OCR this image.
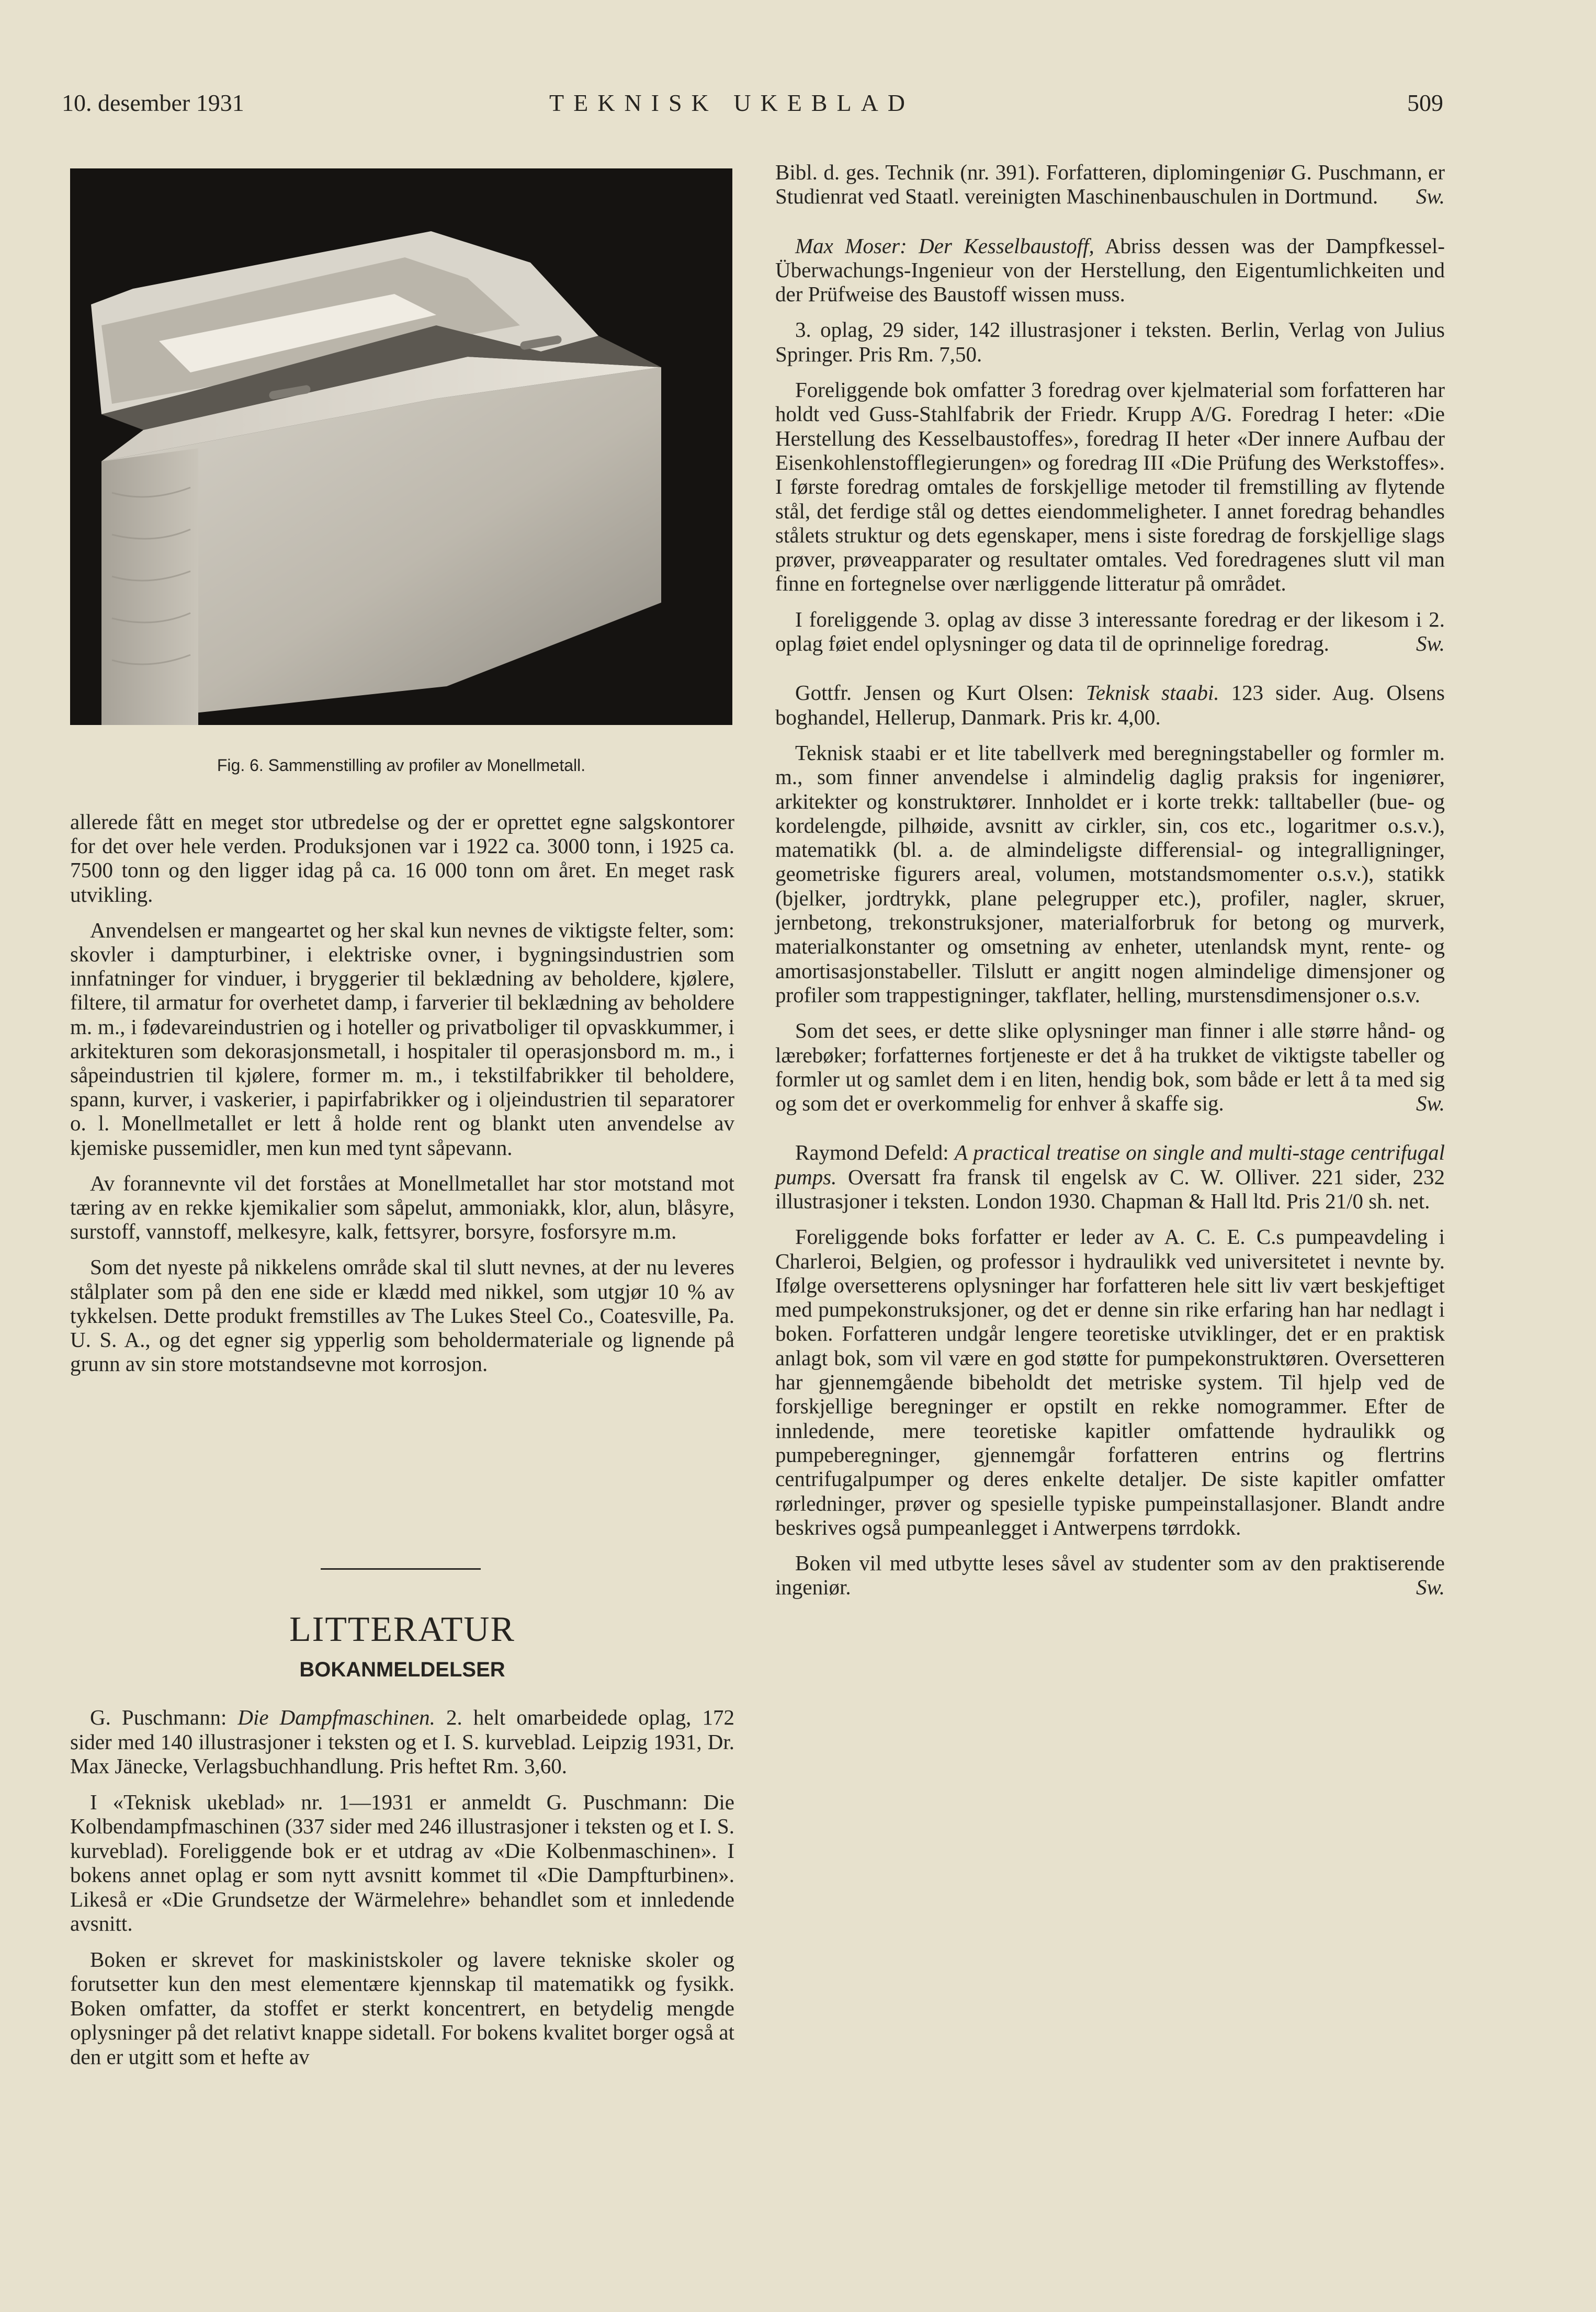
10. desember 1931	TEKNISK UKEBLAD	509
Fig. 6. Sammenstilling av profiler av Monellmetall.

allerede fått en meget stor utbredelse og der er oprettet egne salgskontorer for det over hele verden. Produksjonen var i 1922 ca. 3000 tonn, i 1925 ca. 7500 tonn og den ligger idag på ca. 16 000 tonn om året. En meget rask utvikling.

Anvendelsen er mangeartet og her skal kun nevnes de viktigste felter, som: skovler i dampturbiner, i elektriske ovner, i bygningsindustrien som innfatninger for vinduer, i bryggerier til beklædning av beholdere, kjølere, filtere, til armatur for overhetet damp, i farverier til beklædning av beholdere m. m., i fødevareindustrien og i hoteller og privatboliger til opvaskkummer, i arkitekturen som dekorasjonsmetall, i hospitaler til operasjonsbord m. m., i såpeindustrien til kjølere, former m. m., i tekstilfabrikker til beholdere, spann, kurver, i vaskerier, i papirfabrikker og i oljeindustrien til separatorer o. l. Monellmetallet er lett å holde rent og blankt uten anvendelse av kjemiske pussemidler, men kun med tynt såpevann.

Av forannevnte vil det forståes at Monellmetallet har stor motstand mot tæring av en rekke kjemikalier som såpelut, ammoniakk, klor, alun, blåsyre, surstoff, vannstoff, melkesyre, kalk, fettsyrer, borsyre, fosforsyre m.m.

Som det nyeste på nikkelens område skal til slutt nevnes, at der nu leveres stålplater som på den ene side er klædd med nikkel, som utgjør 10 % av tykkelsen. Dette produkt fremstilles av The Lukes Steel Co., Coatesville, Pa. U. S. A., og det egner sig ypperlig som beholdermateriale og lignende på grunn av sin store motstandsevne mot korrosjon.

LITTERATUR
BOKANMELDELSER

G. Puschmann: Die Dampfmaschinen. 2. helt omarbeidede oplag, 172 sider med 140 illustrasjoner i teksten og et I. S. kurveblad. Leipzig 1931, Dr. Max Jänecke, Verlagsbuchhandlung. Pris heftet Rm. 3,60.

I «Teknisk ukeblad» nr. 1—1931 er anmeldt G. Puschmann: Die Kolbendampfmaschinen (337 sider med 246 illustrasjoner i teksten og et I. S. kurveblad). Foreliggende bok er et utdrag av «Die Kolbenmaschinen». I bokens annet oplag er som nytt avsnitt kommet til «Die Dampfturbinen». Likeså er «Die Grundsetze der Wärmelehre» behandlet som et innledende avsnitt.

Boken er skrevet for maskinistskoler og lavere tekniske skoler og forutsetter kun den mest elementære kjennskap til matematikk og fysikk. Boken omfatter, da stoffet er sterkt koncentrert, en betydelig mengde oplysninger på det relativt knappe sidetall. For bokens kvalitet borger også at den er utgitt som et hefte av

Bibl. d. ges. Technik (nr. 391). Forfatteren, diplomingeniør G. Puschmann, er Studienrat ved Staatl. vereinigten Maschinenbauschulen in Dortmund. Sw.

Max Moser: Der Kesselbaustoff, Abriss dessen was der Dampfkessel-Überwachungs-Ingenieur von der Herstellung, den Eigentumlichkeiten und der Prüfweise des Baustoff wissen muss.

3. oplag, 29 sider, 142 illustrasjoner i teksten. Berlin, Verlag von Julius Springer. Pris Rm. 7,50.

Foreliggende bok omfatter 3 foredrag over kjelmaterial som forfatteren har holdt ved Guss-Stahlfabrik der Friedr. Krupp A/G. Foredrag I heter: «Die Herstellung des Kesselbaustoffes», foredrag II heter «Der innere Aufbau der Eisenkohlenstofflegierungen» og foredrag III «Die Prüfung des Werkstoffes». I første foredrag omtales de forskjellige metoder til fremstilling av flytende stål, det ferdige stål og dettes eiendommeligheter. I annet foredrag behandles stålets struktur og dets egenskaper, mens i siste foredrag de forskjellige slags prøver, prøveapparater og resultater omtales. Ved foredragenes slutt vil man finne en fortegnelse over nærliggende litteratur på området.

I foreliggende 3. oplag av disse 3 interessante foredrag er der likesom i 2. oplag føiet endel oplysninger og data til de oprinnelige foredrag.	Sw.

Gottfr. Jensen og Kurt Olsen: Teknisk staabi. 123 sider. Aug. Olsens boghandel, Hellerup, Danmark. Pris kr. 4,00.

Teknisk staabi er et lite tabellverk med beregningstabeller og formler m. m., som finner anvendelse i almindelig daglig praksis for ingeniører, arkitekter og konstruktører. Innholdet er i korte trekk: talltabeller (bue- og kordelengde, pilhøide, avsnitt av cirkler, sin, cos etc., logaritmer o.s.v.), matematikk (bl. a. de almindeligste differensial- og integralligninger, geometriske figurers areal, volumen, motstandsmomenter o.s.v.), statikk (bjelker, jordtrykk, plane pelegrupper etc.), profiler, nagler, skruer, jernbetong, trekonstruksjoner, materialforbruk for betong og murverk, materialkonstanter og omsetning av enheter, utenlandsk mynt, rente- og amortisasjonstabeller. Tilslutt er angitt nogen almindelige dimensjoner og profiler som trappestigninger, takflater, helling, murstensdimensjoner o.s.v.

Som det sees, er dette slike oplysninger man finner i alle større hånd- og lærebøker; forfatternes fortjeneste er det å ha trukket de viktigste tabeller og formler ut og samlet dem i en liten, hendig bok, som både er lett å ta med sig og som det er overkommelig for enhver å skaffe sig.	Sw.

Raymond Defeld: A practical treatise on single and multi-stage centrifugal pumps. Oversatt fra fransk til engelsk av C. W. Olliver. 221 sider, 232 illustrasjoner i teksten. London 1930. Chapman & Hall ltd. Pris 21/0 sh. net.

Foreliggende boks forfatter er leder av A. C. E. C.s pumpeavdeling i Charleroi, Belgien, og professor i hydraulikk ved universitetet i nevnte by. Ifølge oversetterens oplysninger har forfatteren hele sitt liv vært beskjeftiget med pumpekonstruksjoner, og det er denne sin rike erfaring han har nedlagt i boken. Forfatteren undgår lengere teoretiske utviklinger, det er en praktisk anlagt bok, som vil være en god støtte for pumpekonstruktøren. Oversetteren har gjennemgående bibeholdt det metriske system. Til hjelp ved de forskjellige beregninger er opstilt en rekke nomogrammer. Efter de innledende, mere teoretiske kapitler omfattende hydraulikk og pumpeberegninger, gjennemgår forfatteren entrins og flertrins centrifugalpumper og deres enkelte detaljer. De siste kapitler omfatter rørledninger, prøver og spesielle typiske pumpeinstallasjoner. Blandt andre beskrives også pumpeanlegget i Antwerpens tørrdokk.

Boken vil med utbytte leses såvel av studenter som av den praktiserende ingeniør.	Sw.
